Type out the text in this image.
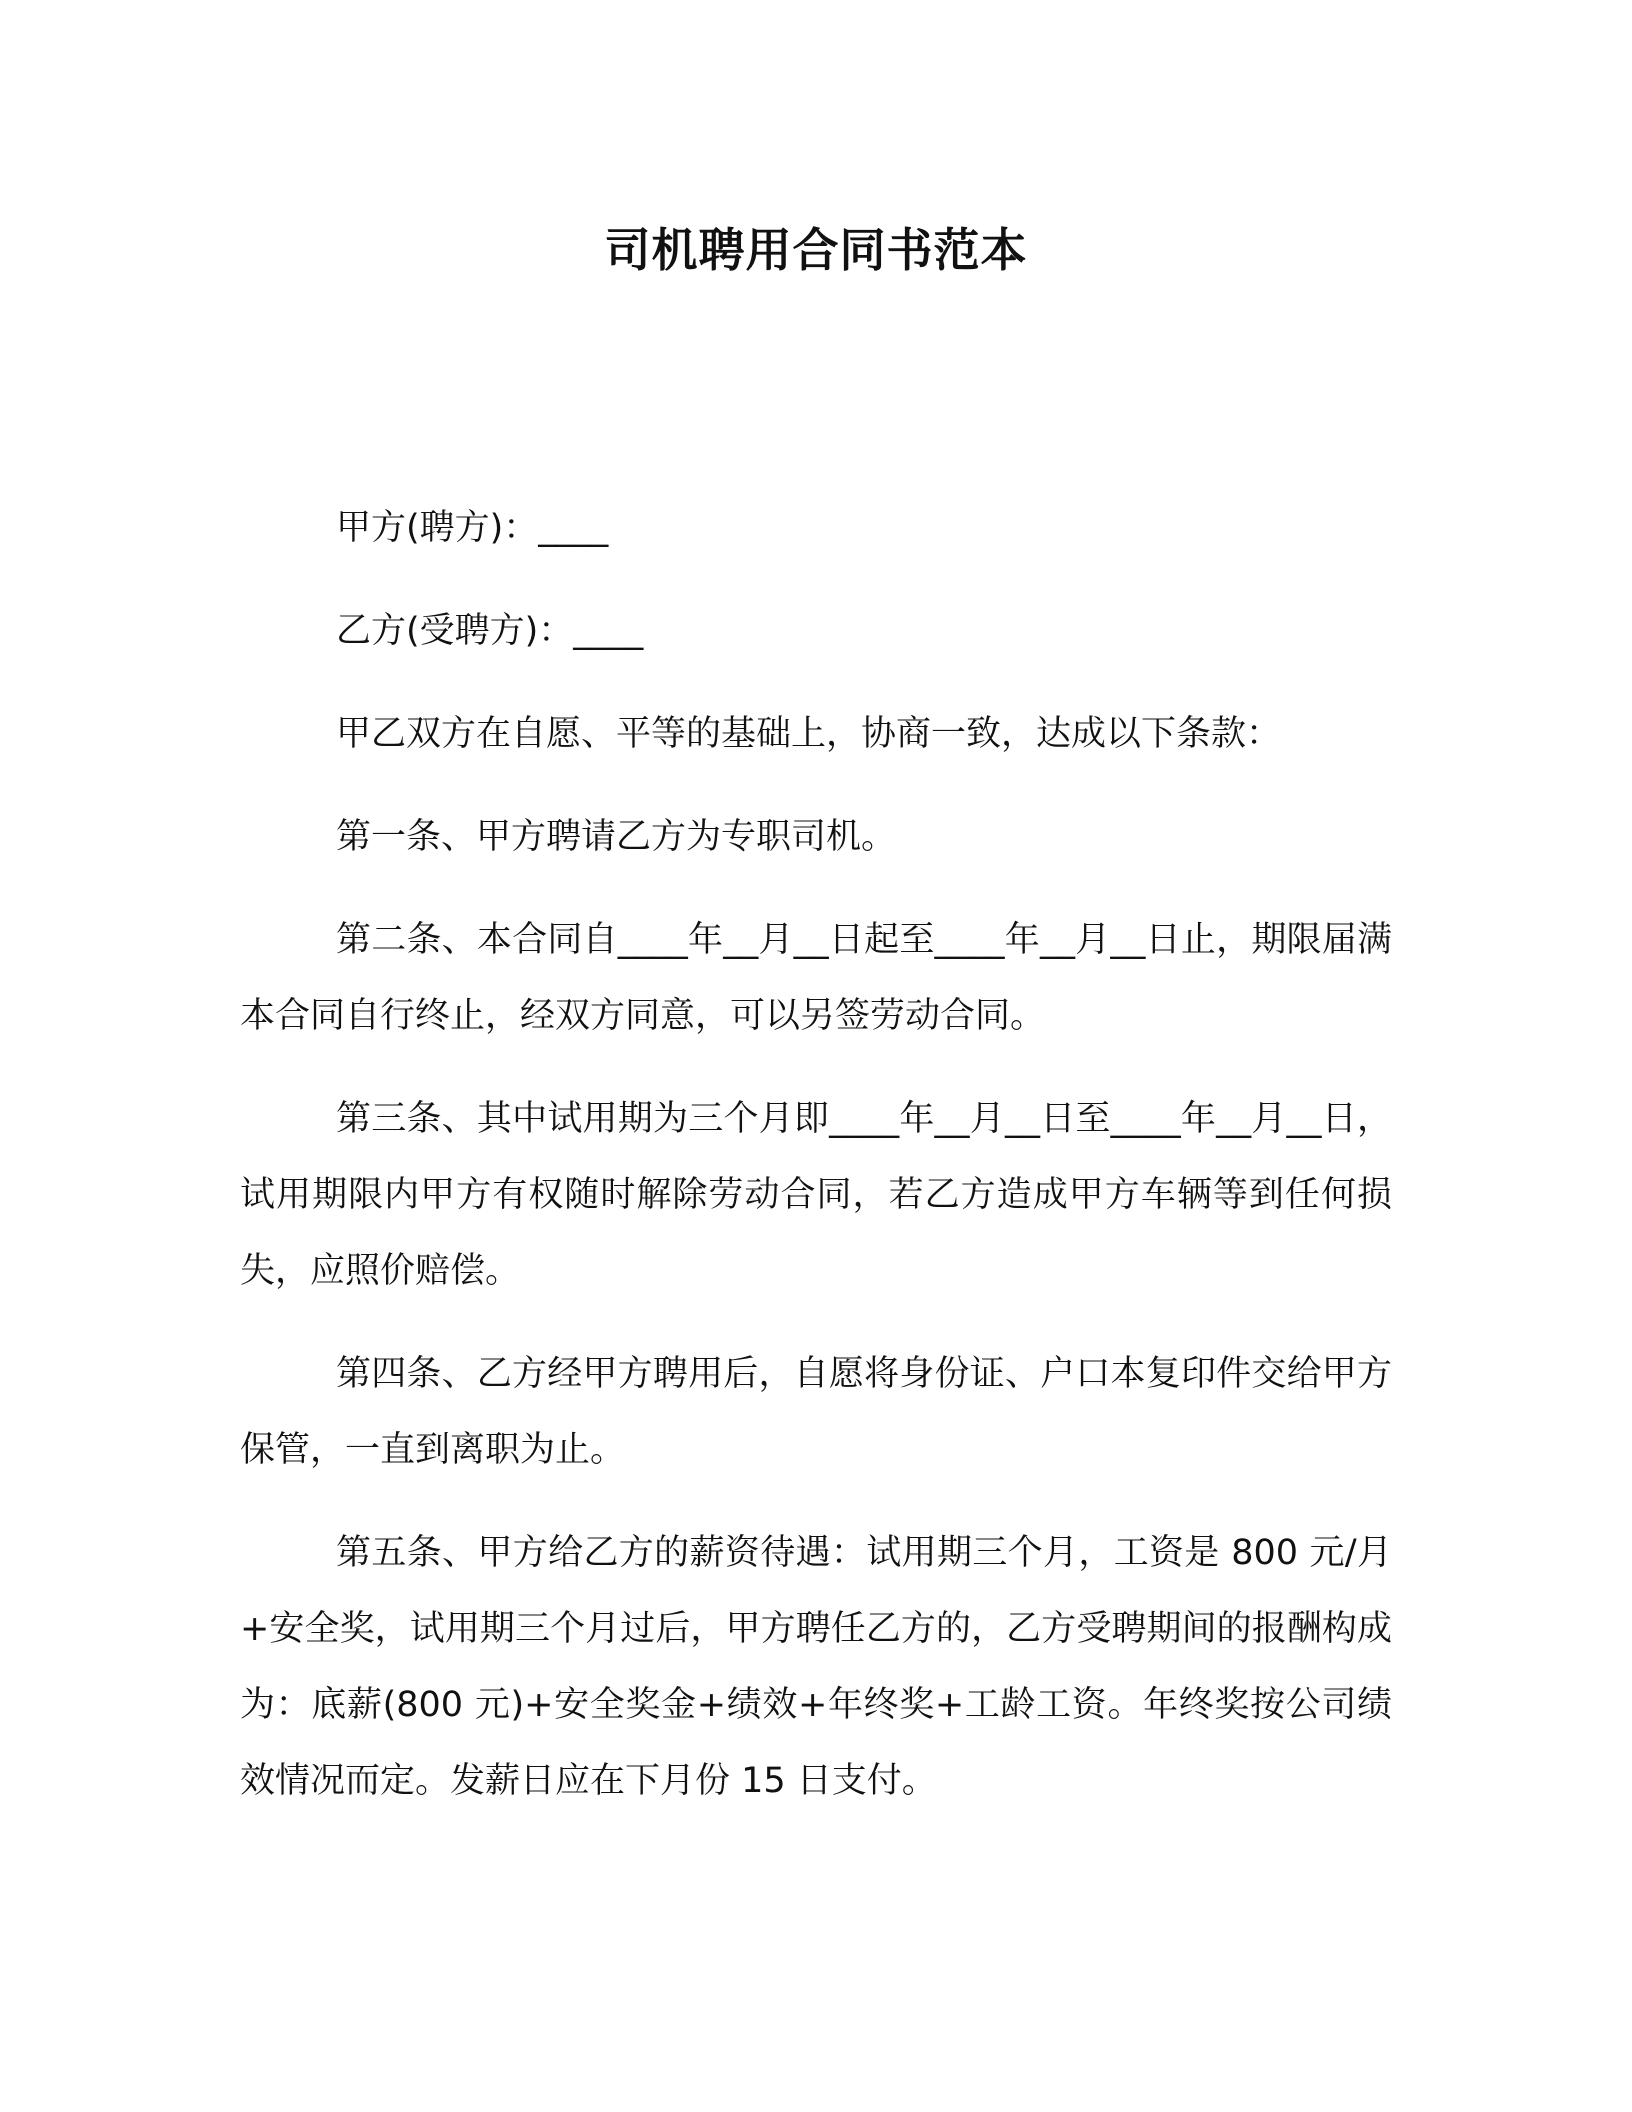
司机聘用合同书范本

甲方(聘方)：____

乙方(受聘方)：____

甲乙双方在自愿、平等的基础上，协商一致，达成以下条款：

第一条、甲方聘请乙方为专职司机。

第二条、本合同自____年__月__日起至____年__月__日止，期限届满本合同自行终止，经双方同意，可以另签劳动合同。

第三条、其中试用期为三个月即____年__月__日至____年__月__日，试用期限内甲方有权随时解除劳动合同，若乙方造成甲方车辆等到任何损失，应照价赔偿。

第四条、乙方经甲方聘用后，自愿将身份证、户口本复印件交给甲方保管，一直到离职为止。

第五条、甲方给乙方的薪资待遇：试用期三个月，工资是 800 元/月+安全奖，试用期三个月过后，甲方聘任乙方的，乙方受聘期间的报酬构成为：底薪(800 元)+安全奖金+绩效+年终奖+工龄工资。年终奖按公司绩效情况而定。发薪日应在下月份 15 日支付。
